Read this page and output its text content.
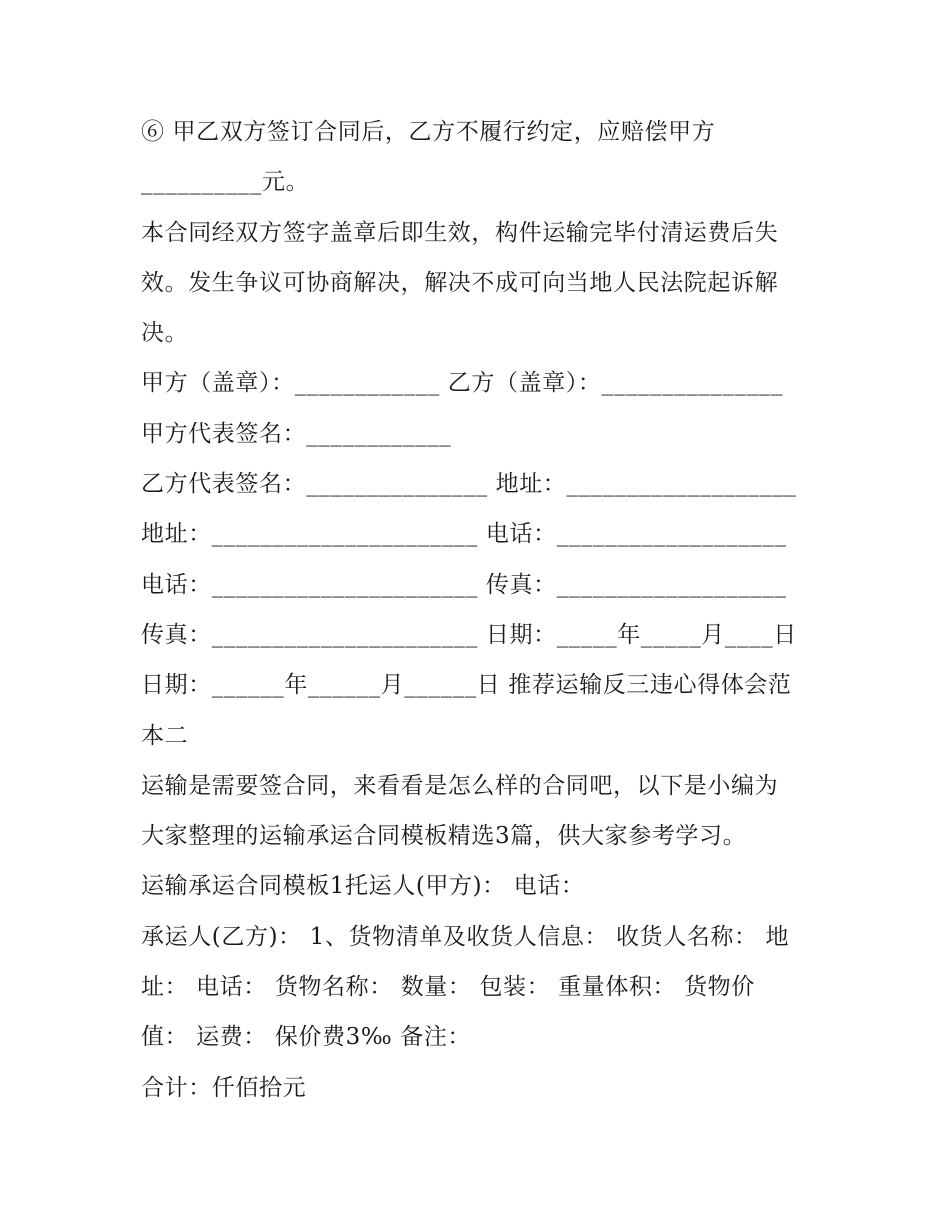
⑥ 甲乙双方签订合同后，乙方不履行约定，应赔偿甲方
__________元。
本合同经双方签字盖章后即生效，构件运输完毕付清运费后失
效。发生争议可协商解决，解决不成可向当地人民法院起诉解
决。
甲方（盖章）：____________ 乙方（盖章）：_______________
甲方代表签名：____________
乙方代表签名：_______________ 地址：___________________
地址：______________________ 电话：___________________
电话：______________________ 传真：___________________
传真：______________________ 日期：_____年_____月____日
日期：______年______月______日 推荐运输反三违心得体会范
本二
运输是需要签合同，来看看是怎么样的合同吧，以下是小编为
大家整理的运输承运合同模板精选3篇，供大家参考学习。
运输承运合同模板1托运人(甲方)： 电话：
承运人(乙方)： 1、货物清单及收货人信息： 收货人名称： 地
址： 电话： 货物名称： 数量： 包装： 重量体积： 货物价
值： 运费： 保价费3‰ 备注：
合计：仟佰拾元
